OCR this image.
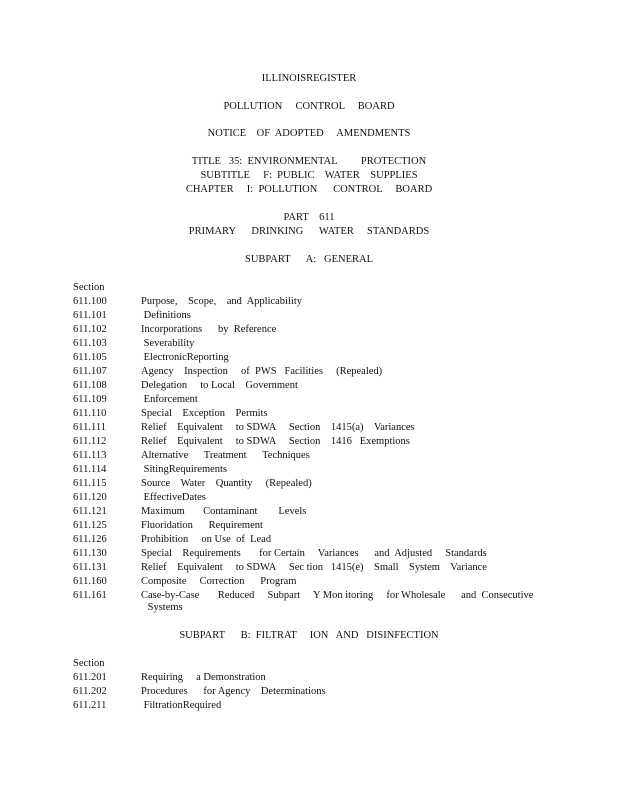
ILLINOISREGISTER
POLLUTION     CONTROL     BOARD
NOTICE    OF  ADOPTED     AMENDMENTS
TITLE   35:  ENVIRONMENTAL         PROTECTION
SUBTITLE     F:  PUBLIC    WATER    SUPPLIES
CHAPTER     I:  POLLUTION      CONTROL     BOARD
PART    611
PRIMARY      DRINKING      WATER     STANDARDS
SUBPART      A:   GENERAL
Section
611.100	Purpose,    Scope,    and  Applicability
611.101	Definitions
611.102	Incorporations      by  Reference
611.103	Severability
611.105	ElectronicReporting
611.107	Agency    Inspection     of  PWS   Facilities     (Repealed)
611.108	Delegation     to Local    Government
611.109	Enforcement
611.110	Special    Exception    Permits
611.111	Relief    Equivalent     to SDWA     Section    1415(a)    Variances
611.112	Relief    Equivalent     to SDWA     Section    1416   Exemptions
611.113	Alternative      Treatment      Techniques
611.114	SitingRequirements
611.115	Source    Water    Quantity     (Repealed)
611.120	EffectiveDates
611.121	Maximum       Contaminant        Levels
611.125	Fluoridation      Requirement
611.126	Prohibition     on Use  of  Lead
611.130	Special    Requirements       for Certain     Variances      and  Adjusted     Standards
611.131	Relief    Equivalent     to SDWA     Sec tion   1415(e)    Small    System    Variance
611.160	Composite     Correction      Program
611.161	Case-by-Case       Reduced     Subpart     Y Mon itoring     for Wholesale      and  Consecutive
Systems
SUBPART      B:  FILTRAT     ION   AND   DISINFECTION
Section
611.201	Requiring     a Demonstration
611.202	Procedures      for Agency    Determinations
611.211	FiltrationRequired
